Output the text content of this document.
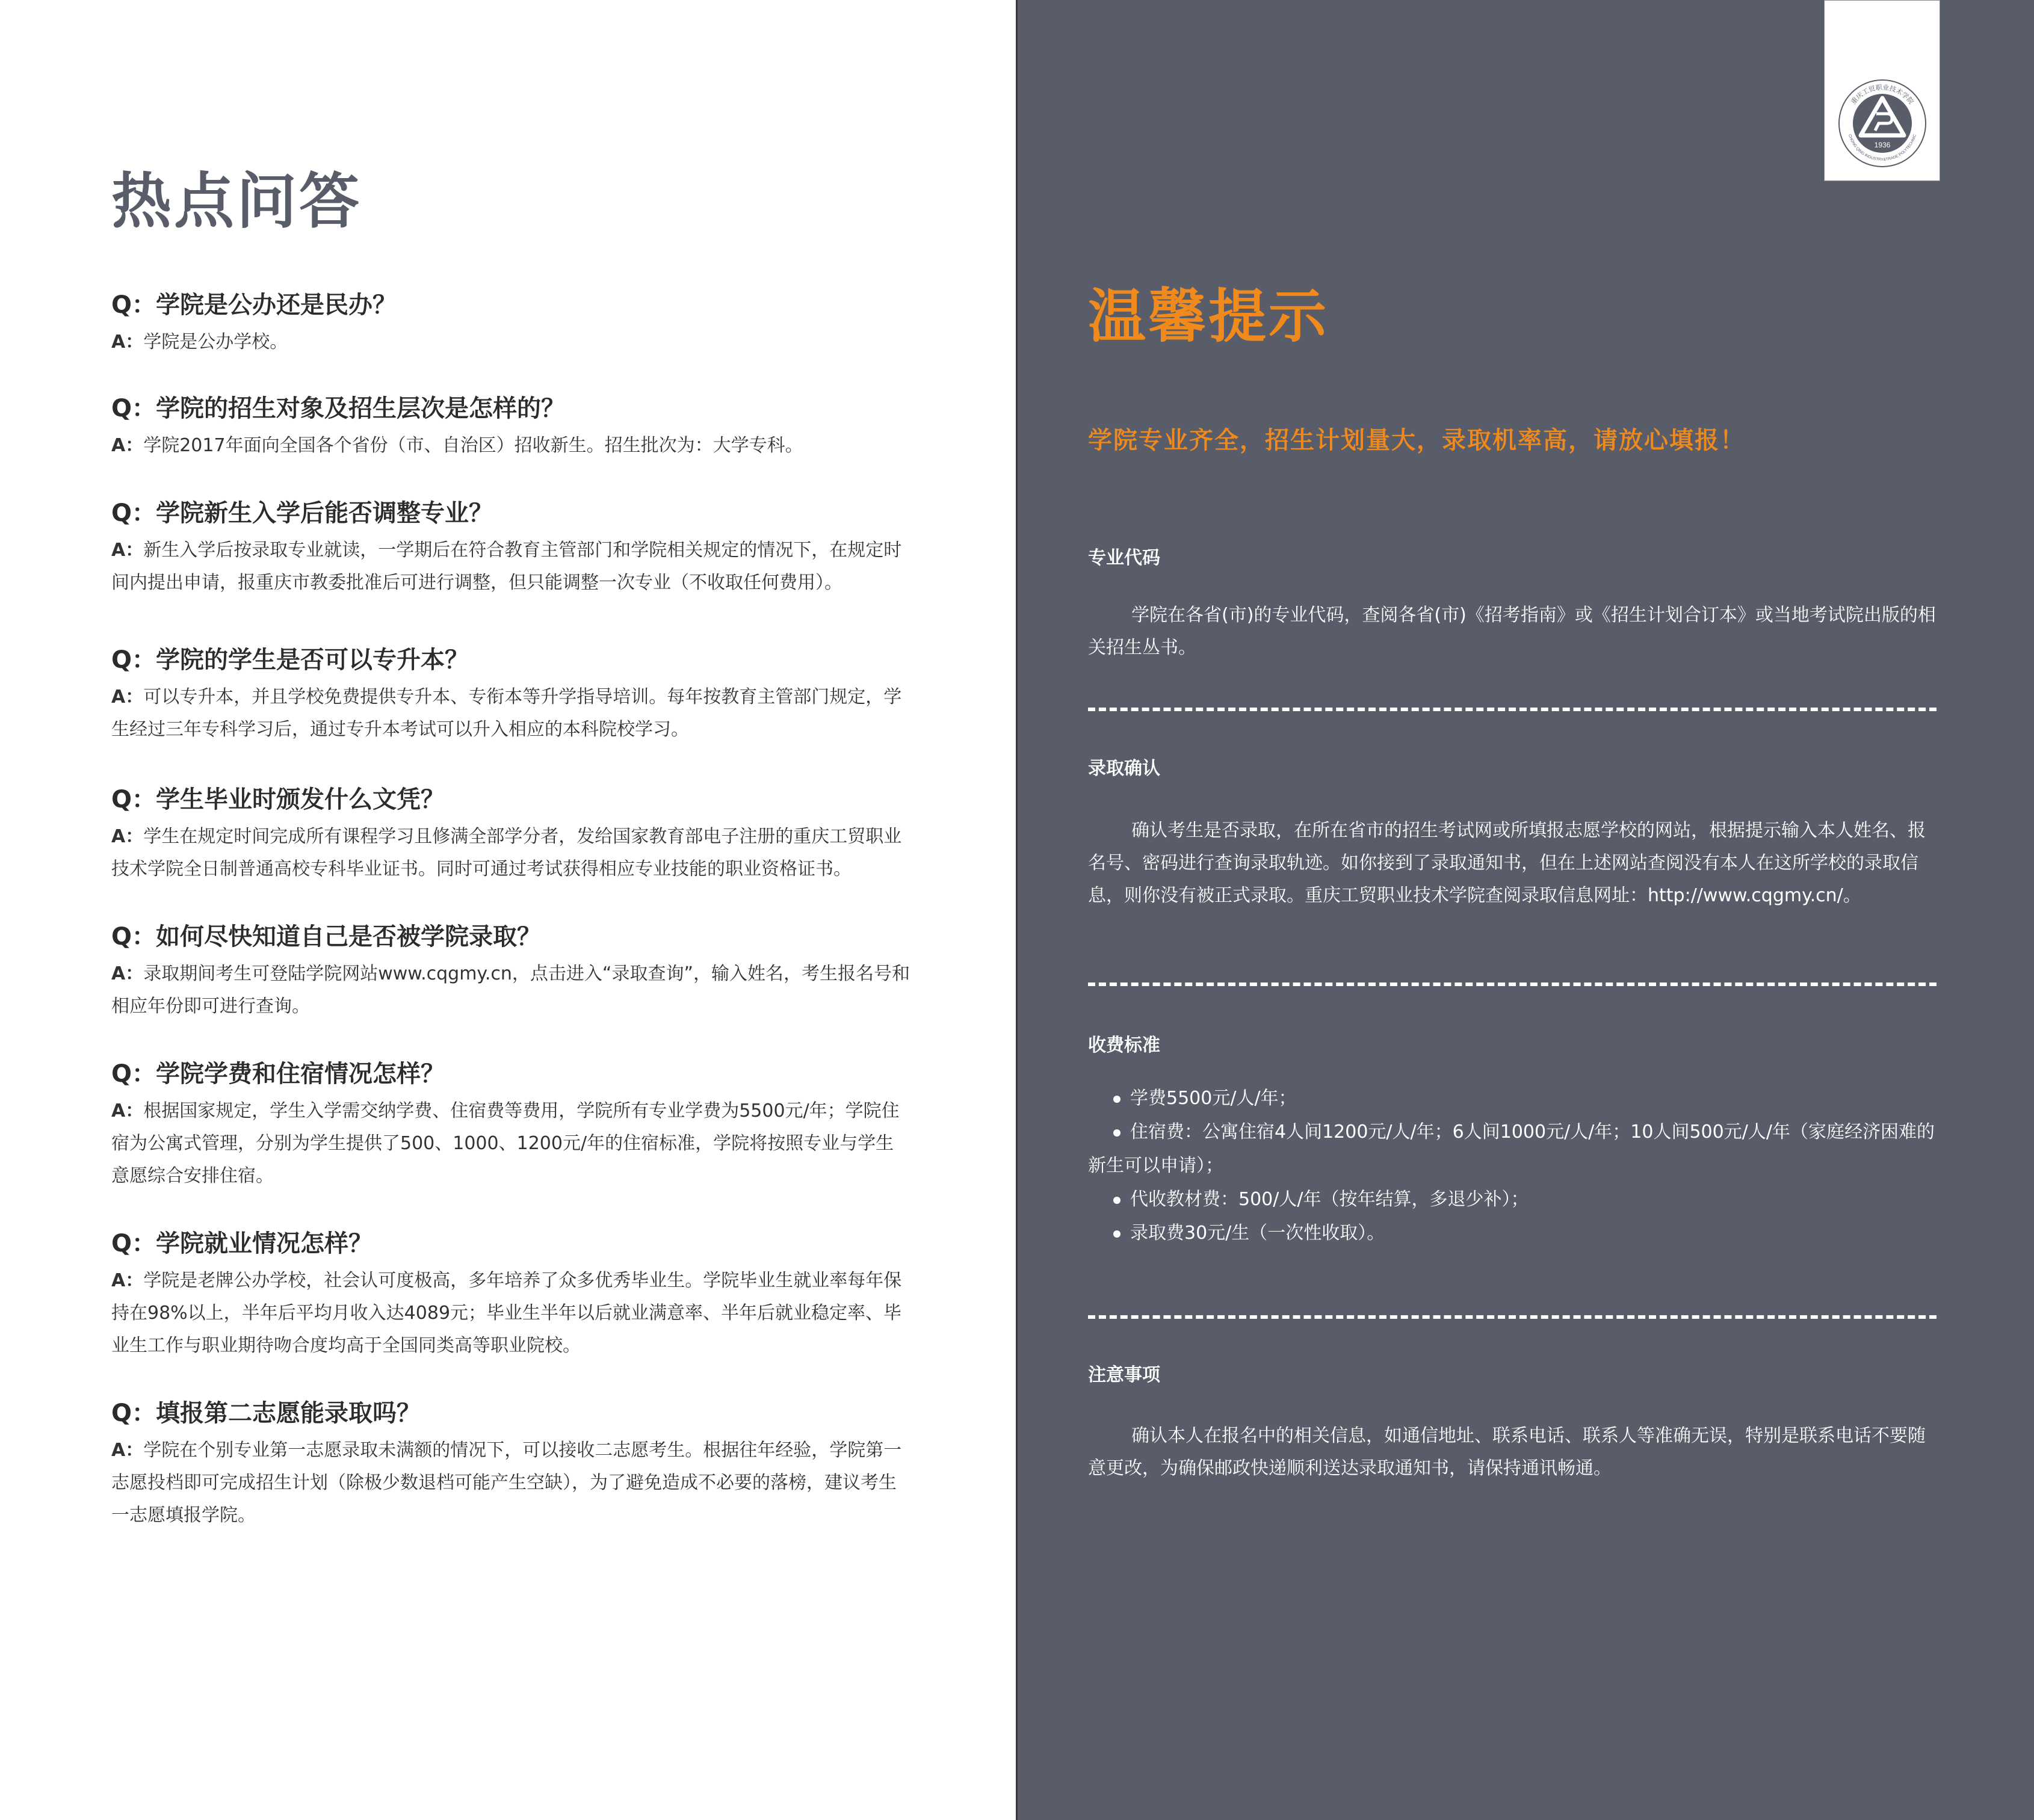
热点问答

Q：学院是公办还是民办？

A：学院是公办学校。

Q：学院的招生对象及招生层次是怎样的？

A：学院2017年面向全国各个省份（市、自治区）招收新生。招生批次为：大学专科。

Q：学院新生入学后能否调整专业？

A：新生入学后按录取专业就读，一学期后在符合教育主管部门和学院相关规定的情况下，在规定时间内提出申请，报重庆市教委批准后可进行调整，但只能调整一次专业（不收取任何费用）。

Q：学院的学生是否可以专升本？

A：可以专升本，并且学校免费提供专升本、专衔本等升学指导培训。每年按教育主管部门规定，学生经过三年专科学习后，通过专升本考试可以升入相应的本科院校学习。

Q：学生毕业时颁发什么文凭？

A：学生在规定时间完成所有课程学习且修满全部学分者，发给国家教育部电子注册的重庆工贸职业技术学院全日制普通高校专科毕业证书。同时可通过考试获得相应专业技能的职业资格证书。

Q：如何尽快知道自己是否被学院录取？

A：录取期间考生可登陆学院网站www.cqgmy.cn，点击进入“录取查询”，输入姓名，考生报名号和相应年份即可进行查询。

Q：学院学费和住宿情况怎样？

A：根据国家规定，学生入学需交纳学费、住宿费等费用，学院所有专业学费为5500元/年；学院住宿为公寓式管理，分别为学生提供了500、1000、1200元/年的住宿标准，学院将按照专业与学生意愿综合安排住宿。

Q：学院就业情况怎样？

A：学院是老牌公办学校，社会认可度极高，多年培养了众多优秀毕业生。学院毕业生就业率每年保持在98%以上，半年后平均月收入达4089元；毕业生半年以后就业满意率、半年后就业稳定率、毕业生工作与职业期待吻合度均高于全国同类高等职业院校。

Q：填报第二志愿能录取吗？

A：学院在个别专业第一志愿录取未满额的情况下，可以接收二志愿考生。根据往年经验，学院第一志愿投档即可完成招生计划（除极少数退档可能产生空缺），为了避免造成不必要的落榜，建议考生一志愿填报学院。

1936
重庆工贸职业技术学院
CHONG QING INDUSTRY&TRADE POLYTECHNIC
温馨提示
学院专业齐全，招生计划量大，录取机率高，请放心填报！

专业代码

学院在各省(市)的专业代码，查阅各省(市)《招考指南》或《招生计划合订本》或当地考试院出版的相关招生丛书。

录取确认

确认考生是否录取，在所在省市的招生考试网或所填报志愿学校的网站，根据提示输入本人姓名、报名号、密码进行查询录取轨迹。如你接到了录取通知书，但在上述网站查阅没有本人在这所学校的录取信息，则你没有被正式录取。重庆工贸职业技术学院查阅录取信息网址：http://www.cqgmy.cn/。

收费标准

学费5500元/人/年；
住宿费：公寓住宿4人间1200元/人/年；6人间1000元/人/年；10人间500元/人/年（家庭经济困难的新生可以申请）；
代收教材费：500/人/年（按年结算，多退少补）；
录取费30元/生（一次性收取）。

注意事项

确认本人在报名中的相关信息，如通信地址、联系电话、联系人等准确无误，特别是联系电话不要随意更改，为确保邮政快递顺利送达录取通知书，请保持通讯畅通。
